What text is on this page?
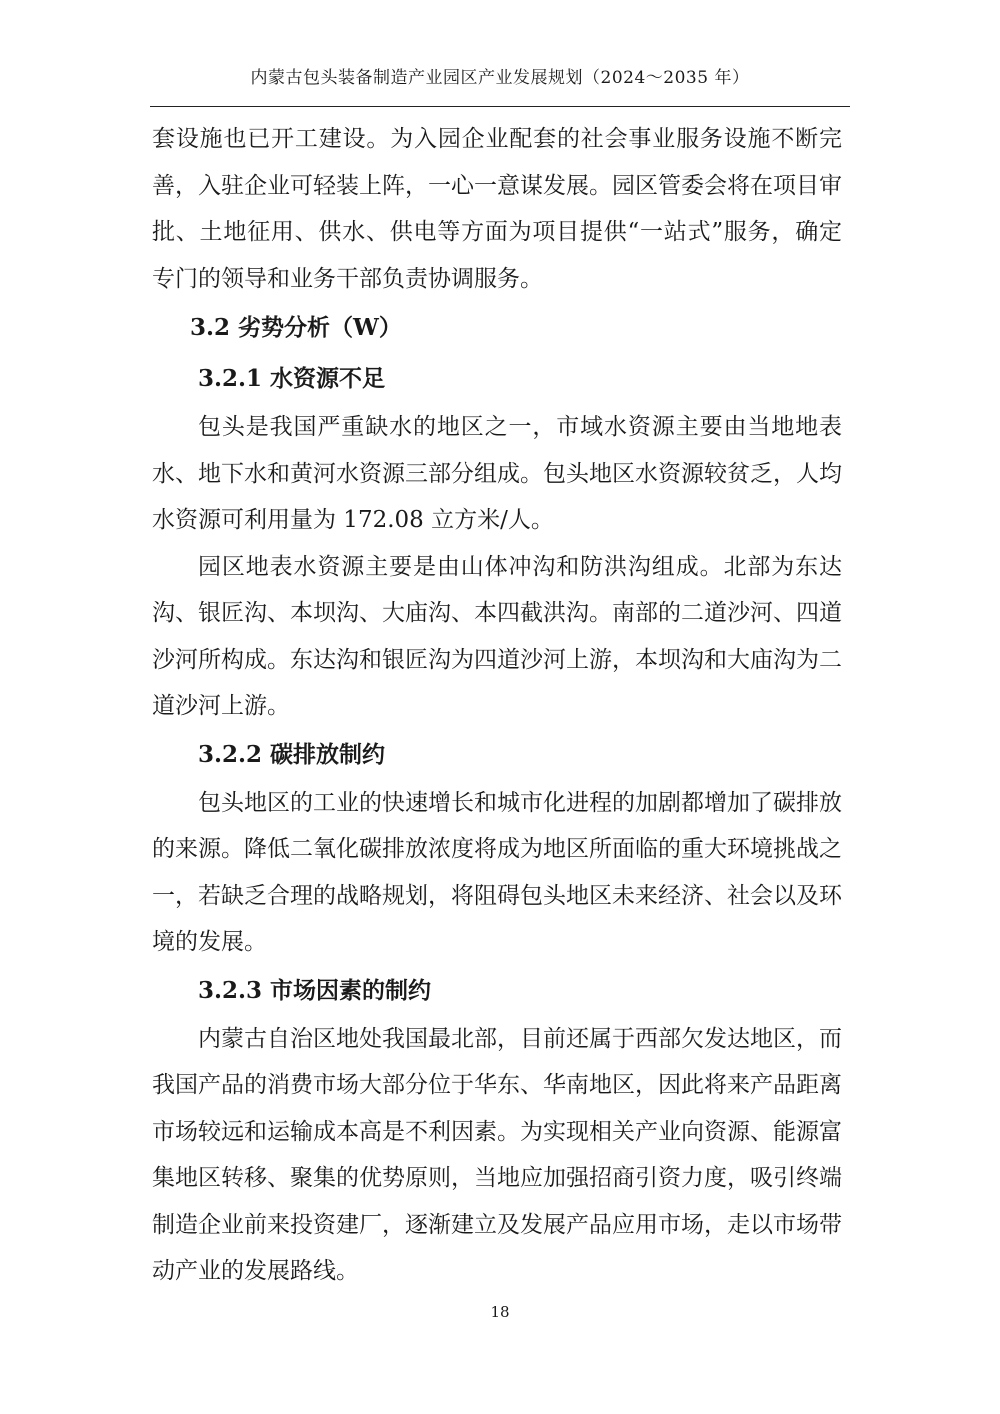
内蒙古包头装备制造产业园区产业发展规划（2024～2035 年）

套设施也已开工建设。为入园企业配套的社会事业服务设施不断完善，入驻企业可轻装上阵，一心一意谋发展。园区管委会将在项目审批、土地征用、供水、供电等方面为项目提供“一站式”服务，确定专门的领导和业务干部负责协调服务。

3.2 劣势分析（W）
3.2.1 水资源不足

包头是我国严重缺水的地区之一，市域水资源主要由当地地表水、地下水和黄河水资源三部分组成。包头地区水资源较贫乏，人均水资源可利用量为 172.08 立方米/人。

园区地表水资源主要是由山体冲沟和防洪沟组成。北部为东达沟、银匠沟、本坝沟、大庙沟、本四截洪沟。南部的二道沙河、四道沙河所构成。东达沟和银匠沟为四道沙河上游，本坝沟和大庙沟为二道沙河上游。

3.2.2 碳排放制约

包头地区的工业的快速增长和城市化进程的加剧都增加了碳排放的来源。降低二氧化碳排放浓度将成为地区所面临的重大环境挑战之一，若缺乏合理的战略规划，将阻碍包头地区未来经济、社会以及环境的发展。

3.2.3 市场因素的制约

内蒙古自治区地处我国最北部，目前还属于西部欠发达地区，而我国产品的消费市场大部分位于华东、华南地区，因此将来产品距离市场较远和运输成本高是不利因素。为实现相关产业向资源、能源富集地区转移、聚集的优势原则，当地应加强招商引资力度，吸引终端制造企业前来投资建厂，逐渐建立及发展产品应用市场，走以市场带动产业的发展路线。

18
